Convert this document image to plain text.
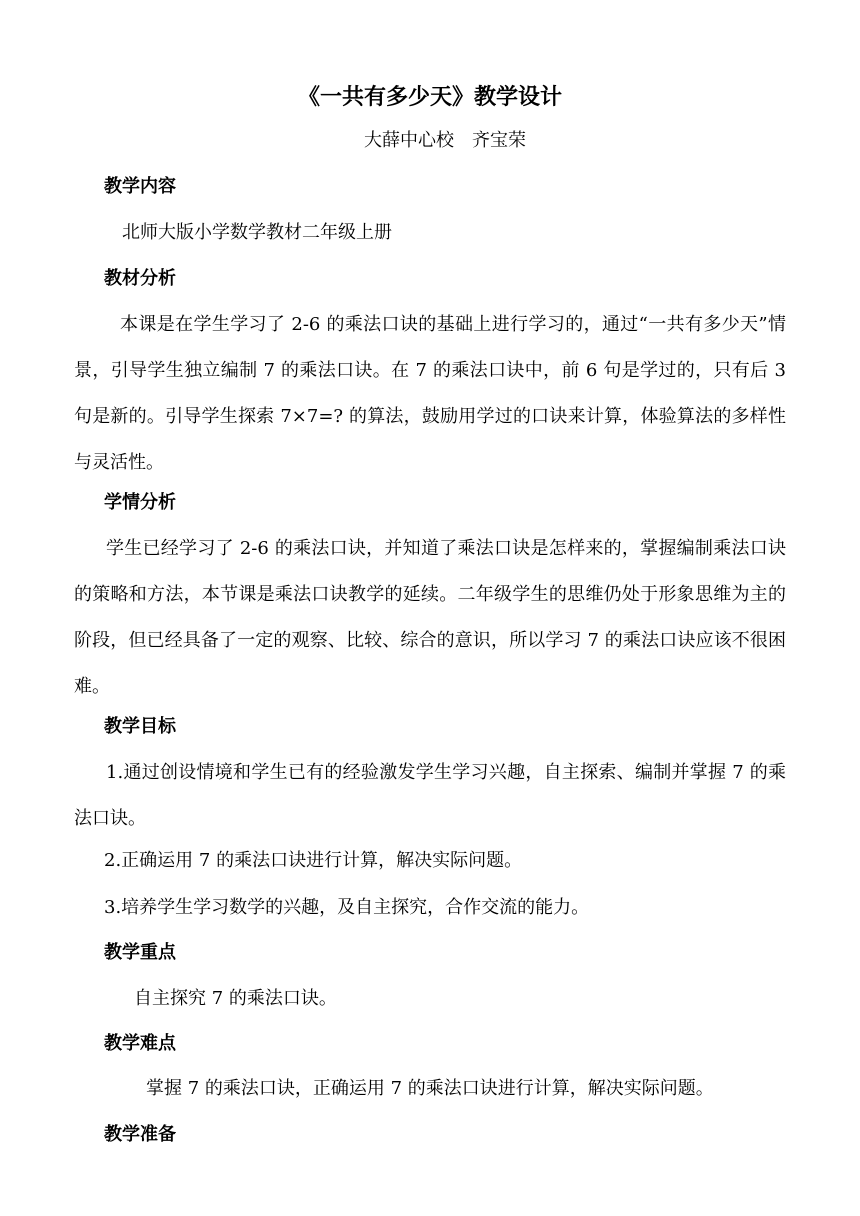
《一共有多少天》教学设计
大薛中心校　齐宝荣
教学内容
北师大版小学数学教材二年级上册
教材分析
本课是在学生学习了 2-6 的乘法口诀的基础上进行学习的，通过“一共有多少天”情景，引导学生独立编制 7 的乘法口诀。在 7 的乘法口诀中，前 6 句是学过的，只有后 3 句是新的。引导学生探索 7×7=? 的算法，鼓励用学过的口诀来计算，体验算法的多样性与灵活性。
学情分析
学生已经学习了 2-6 的乘法口诀，并知道了乘法口诀是怎样来的，掌握编制乘法口诀的策略和方法，本节课是乘法口诀教学的延续。二年级学生的思维仍处于形象思维为主的阶段，但已经具备了一定的观察、比较、综合的意识，所以学习 7 的乘法口诀应该不很困难。
教学目标
1.通过创设情境和学生已有的经验激发学生学习兴趣，自主探索、编制并掌握 7 的乘法口诀。
2.正确运用 7 的乘法口诀进行计算，解决实际问题。
3.培养学生学习数学的兴趣，及自主探究，合作交流的能力。
教学重点
自主探究 7 的乘法口诀。
教学难点
掌握 7 的乘法口诀，正确运用 7 的乘法口诀进行计算，解决实际问题。
教学准备
